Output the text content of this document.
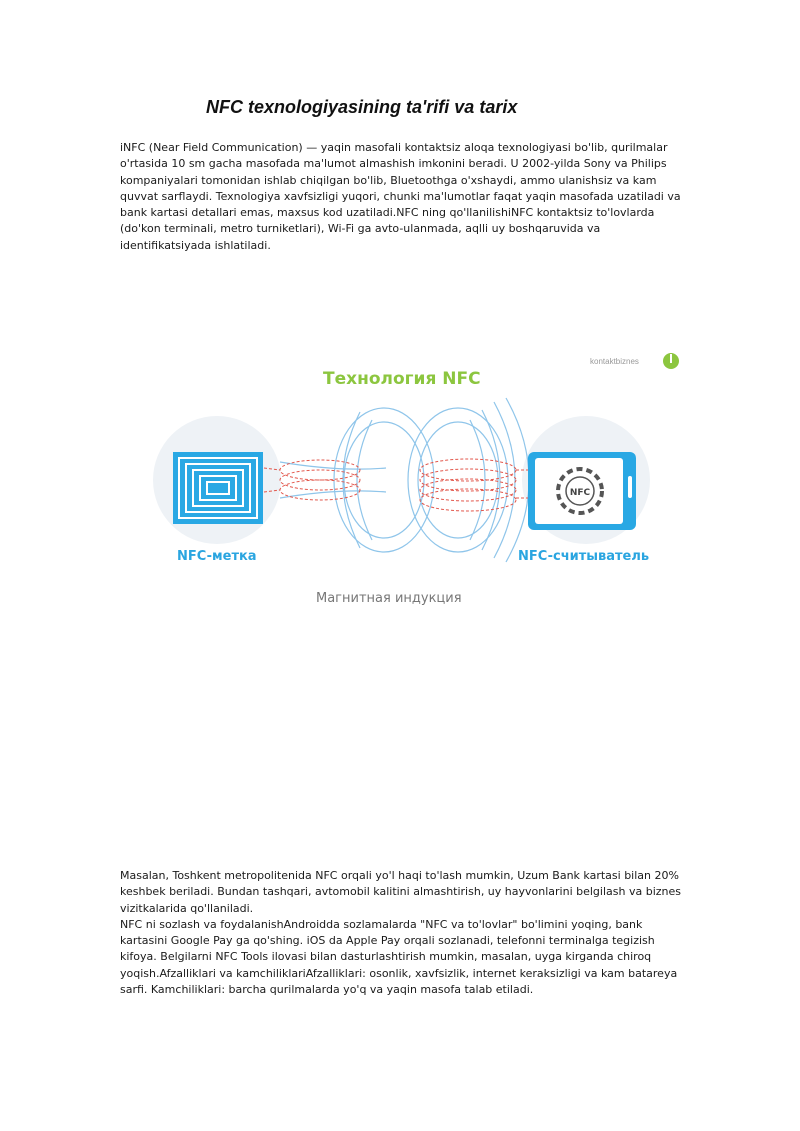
NFC texnologiyasining ta'rifi va tarix
iNFC (Near Field Communication) — yaqin masofali kontaktsiz aloqa texnologiyasi bo'lib, qurilmalar o'rtasida 10 sm gacha masofada ma'lumot almashish imkonini beradi. U 2002-yilda Sony va Philips kompaniyalari tomonidan ishlab chiqilgan bo'lib, Bluetoothga o'xshaydi, ammo ulanishsiz va kam quvvat sarflaydi. Texnologiya xavfsizligi yuqori, chunki ma'lumotlar faqat yaqin masofada uzatiladi va bank kartasi detallari emas, maxsus kod uzatiladi.NFC ning qo'llanilishiNFC kontaktsiz to'lovlarda (do'kon terminali, metro turniketlari), Wi-Fi ga avto-ulanmada, aqlli uy boshqaruvida va identifikatsiyada ishlatiladi.
kontaktbiznes
Технология NFC
NFC
NFC-метка	NFC-считыватель
Магнитная индукция
Masalan, Toshkent metropolitenida NFC orqali yo'l haqi to'lash mumkin, Uzum Bank kartasi bilan 20% keshbek beriladi. Bundan tashqari, avtomobil kalitini almashtirish, uy hayvonlarini belgilash va biznes vizitkalarida qo'llaniladi.
NFC ni sozlash va foydalanishAndroidda sozlamalarda "NFC va to'lovlar" bo'limini yoqing, bank kartasini Google Pay ga qo'shing. iOS da Apple Pay orqali sozlanadi, telefonni terminalga tegizish kifoya. Belgilarni NFC Tools ilovasi bilan dasturlashtirish mumkin, masalan, uyga kirganda chiroq yoqish.Afzalliklari va kamchiliklariAfzalliklari: osonlik, xavfsizlik, internet keraksizligi va kam batareya sarfi. Kamchiliklari: barcha qurilmalarda yo'q va yaqin masofa talab etiladi.
